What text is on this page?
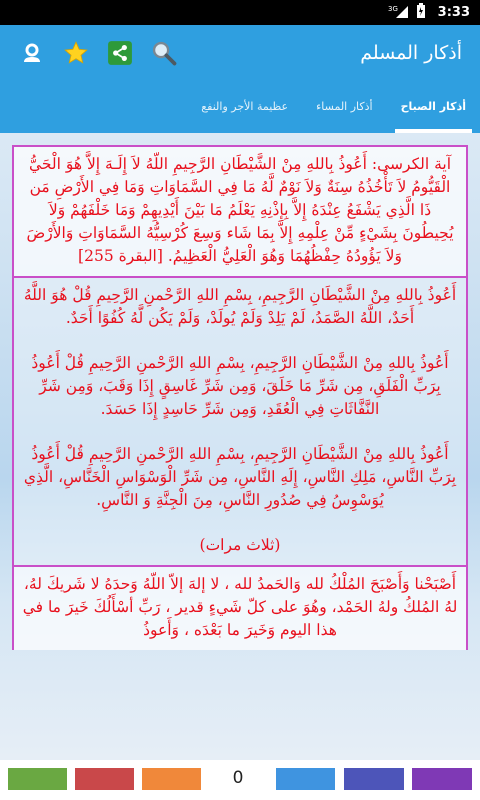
3G	3:33
أذكار المسلم
أذكار الصباح
أذكار المساء
عظيمة الأجر والنفع

آية الكرسى: أَعُوذُ بِاللهِ مِنْ الشَّيْطَانِ الرَّجِيمِ اللّهُ لاَ إِلَـهَ إِلاَّ هُوَ الْحَيُّ الْقَيُّومُ لاَ تَأْخُذُهُ سِنَةٌ وَلاَ نَوْمٌ لَّهُ مَا فِي السَّمَاوَاتِ وَمَا فِي الأَرْضِ مَن ذَا الَّذِي يَشْفَعُ عِنْدَهُ إِلاَّ بِإِذْنِهِ يَعْلَمُ مَا بَيْنَ أَيْدِيهِمْ وَمَا خَلْفَهُمْ وَلاَ يُحِيطُونَ بِشَيْءٍ مِّنْ عِلْمِهِ إِلاَّ بِمَا شَاء وَسِعَ كُرْسِيُّهُ السَّمَاوَاتِ وَالأَرْضَ وَلاَ يَؤُودُهُ حِفْظُهُمَا وَهُوَ الْعَلِيُّ الْعَظِيمُ. [البقرة 255]

أَعُوذُ بِاللهِ مِنْ الشَّيْطَانِ الرَّجِيمِ، بِسْمِ اللهِ الرَّحْمنِ الرَّحِيمِ قُلْ هُوَ اللَّهُ أَحَدٌ، اللَّهُ الصَّمَدُ، لَمْ يَلِدْ وَلَمْ يُولَدْ، وَلَمْ يَكُن لَّهُ كُفُوًا أَحَدٌ.

أَعُوذُ بِاللهِ مِنْ الشَّيْطَانِ الرَّجِيمِ، بِسْمِ اللهِ الرَّحْمنِ الرَّحِيمِ قُلْ أَعُوذُ بِرَبِّ الْفَلَقِ، مِن شَرِّ مَا خَلَقَ، وَمِن شَرِّ غَاسِقٍ إِذَا وَقَبَ، وَمِن شَرِّ النَّفَّاثَاتِ فِي الْعُقَدِ، وَمِن شَرِّ حَاسِدٍ إِذَا حَسَدَ.

أَعُوذُ بِاللهِ مِنْ الشَّيْطَانِ الرَّجِيمِ، بِسْمِ اللهِ الرَّحْمنِ الرَّحِيمِ قُلْ أَعُوذُ بِرَبِّ النَّاسِ، مَلِكِ النَّاسِ، إِلَهِ النَّاسِ، مِن شَرِّ الْوَسْوَاسِ الْخَنَّاسِ، الَّذِي يُوَسْوِسُ فِي صُدُورِ النَّاسِ، مِنَ الْجِنَّةِ وَ النَّاسِ.

(ثلاث مرات)

أَصْبَحْنا وَأَصْبَحَ المُلْكُ لله وَالحَمدُ لله ، لا إلهَ إلاّ اللّهُ وَحدَهُ لا شَريكَ لهُ، لهُ المُلكُ ولهُ الحَمْد، وهُوَ على كلّ شَيءٍ قدير ، رَبِّ أسْأَلُكَ خَيرَ ما في هذا اليوم وَخَيرَ ما بَعْدَه ، وَأَعوذُ

0
